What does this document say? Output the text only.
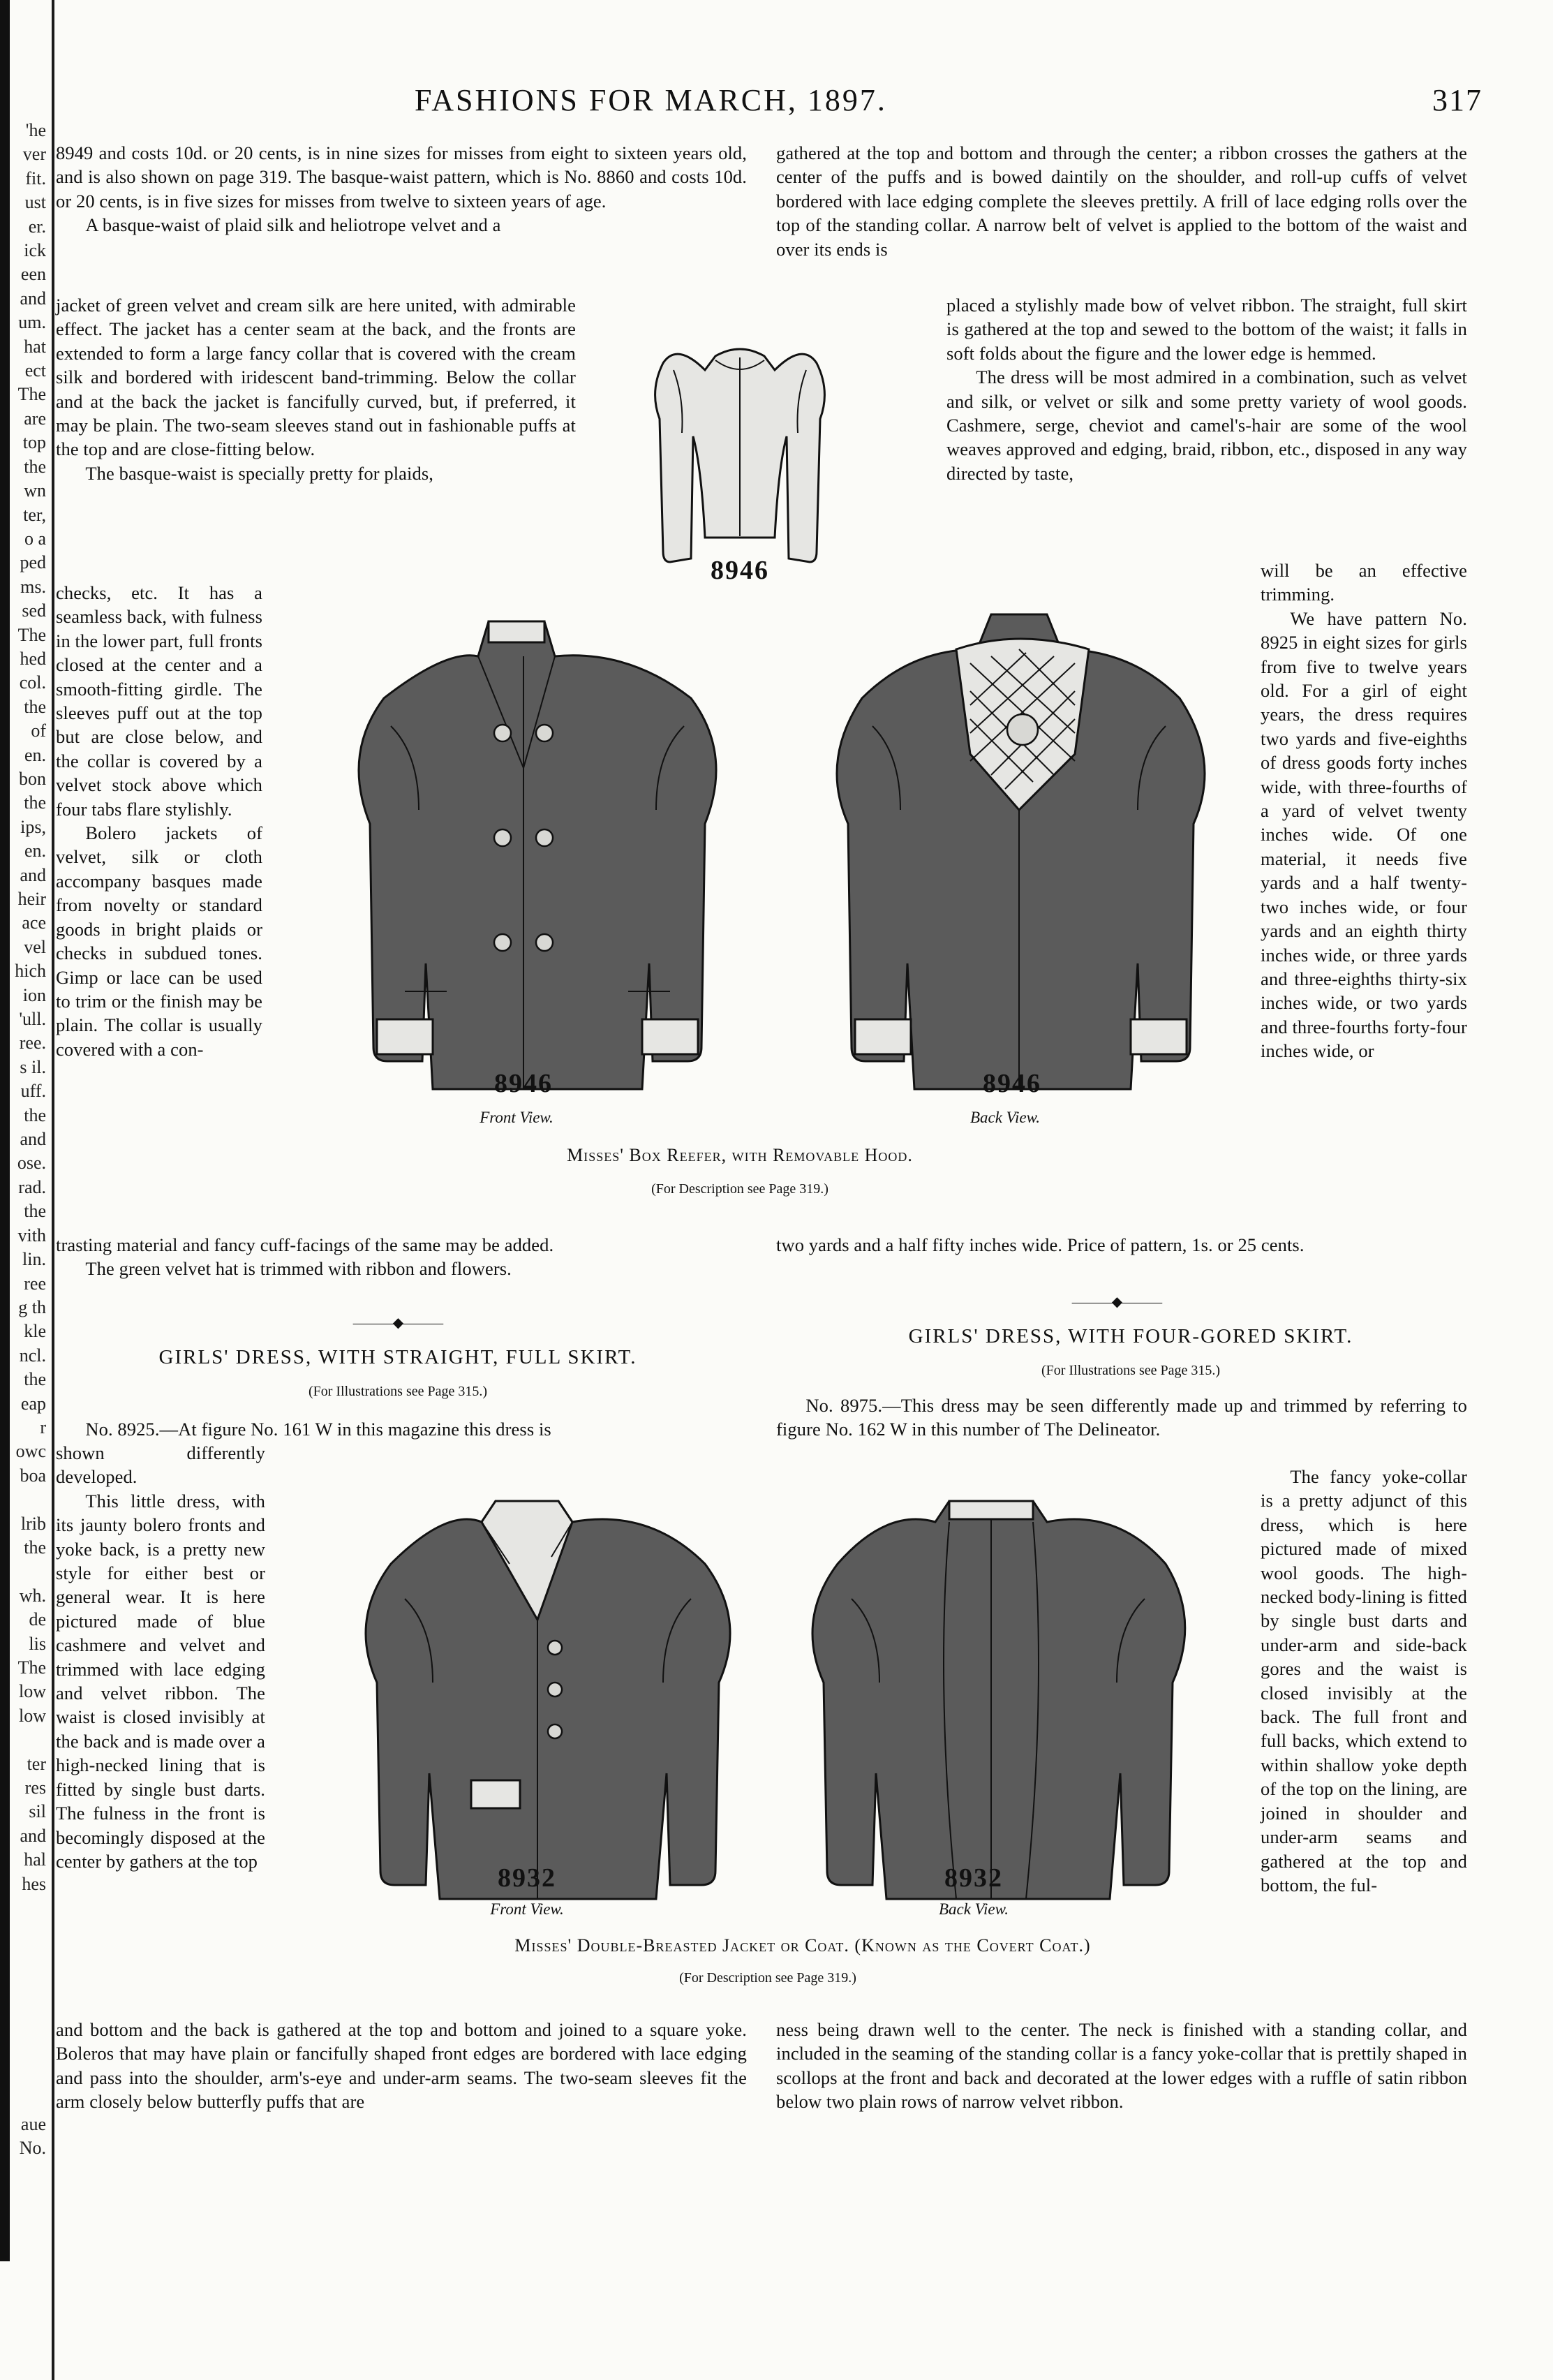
'he
ver
fit.
ust
er.
ick
een
and
um.
hat
ect
The
are
top
the
wn
ter,
o a
ped
ms.
sed
The
hed
col.
the
of
en.
bon
the
ips,
en.
and
heir
ace
vel
hich
ion
'ull.
ree.
s il.
uff.
the
and
ose.
rad.
the
vith
lin.
ree
g th
kle
ncl.
the
eap
r
owc
boa

lrib
the

wh.
de
lis
The
low
low

ter
res
sil
and
hal
hes

aue
No.
FASHIONS FOR MARCH, 1897.	317

8949 and costs 10d. or 20 cents, is in nine sizes for misses from eight to sixteen years old, and is also shown on page 319. The basque-waist pattern, which is No. 8860 and costs 10d. or 20 cents, is in five sizes for misses from twelve to sixteen years of age.

A basque-waist of plaid silk and heliotrope velvet and a

jacket of green velvet and cream silk are here united, with admirable effect. The jacket has a center seam at the back, and the fronts are extended to form a large fancy collar that is covered with the cream silk and bordered with iridescent band-trimming. Below the collar and at the back the jacket is fancifully curved, but, if preferred, it may be plain. The two-seam sleeves stand out in fashionable puffs at the top and are close-fitting below.

The basque-waist is specially pretty for plaids,

checks, etc. It has a seamless back, with fulness in the lower part, full fronts closed at the center and a smooth-fitting girdle. The sleeves puff out at the top but are close below, and the collar is covered by a velvet stock above which four tabs flare stylishly.

Bolero jackets of velvet, silk or cloth accompany basques made from novelty or standard goods in bright plaids or checks in subdued tones. Gimp or lace can be used to trim or the finish may be plain. The collar is usually covered with a con-

trasting material and fancy cuff-facings of the same may be added.

The green velvet hat is trimmed with ribbon and flowers.

gathered at the top and bottom and through the center; a ribbon crosses the gathers at the center of the puffs and is bowed daintily on the shoulder, and roll-up cuffs of velvet bordered with lace edging complete the sleeves prettily. A frill of lace edging rolls over the top of the standing collar. A narrow belt of velvet is applied to the bottom of the waist and over its ends is

placed a stylishly made bow of velvet ribbon. The straight, full skirt is gathered at the top and sewed to the bottom of the waist; it falls in soft folds about the figure and the lower edge is hemmed.

The dress will be most admired in a combination, such as velvet and silk, or velvet or silk and some pretty variety of wool goods. Cashmere, serge, cheviot and camel's-hair are some of the wool weaves approved and edging, braid, ribbon, etc., disposed in any way directed by taste,

will be an effective trimming.

We have pattern No. 8925 in eight sizes for girls from five to twelve years old. For a girl of eight years, the dress requires two yards and five-eighths of dress goods forty inches wide, with three-fourths of a yard of velvet twenty inches wide. Of one material, it needs five yards and a half twenty-two inches wide, or four yards and an eighth thirty inches wide, or three yards and three-eighths thirty-six inches wide, or two yards and three-fourths forty-four inches wide, or

two yards and a half fifty inches wide. Price of pattern, 1s. or 25 cents.

8946
8946
Front View.
8946
Back View.
Misses' Box Reefer, with Removable Hood.
(For Description see Page 319.)
———◆———
———◆———
GIRLS' DRESS, WITH STRAIGHT, FULL SKIRT.
(For Illustrations see Page 315.)

No. 8925.—At figure No. 161 W in this magazine this dress is

shown differently developed.

This little dress, with its jaunty bolero fronts and yoke back, is a pretty new style for either best or general wear. It is here pictured made of blue cashmere and velvet and trimmed with lace edging and velvet ribbon. The waist is closed invisibly at the back and is made over a high-necked lining that is fitted by single bust darts. The fulness in the front is becomingly disposed at the center by gathers at the top

and bottom and the back is gathered at the top and bottom and joined to a square yoke. Boleros that may have plain or fancifully shaped front edges are bordered with lace edging and pass into the shoulder, arm's-eye and under-arm seams. The two-seam sleeves fit the arm closely below butterfly puffs that are

GIRLS' DRESS, WITH FOUR-GORED SKIRT.
(For Illustrations see Page 315.)

No. 8975.—This dress may be seen differently made up and trimmed by referring to figure No. 162 W in this number of The Delineator.

The fancy yoke-collar is a pretty adjunct of this dress, which is here pictured made of mixed wool goods. The high-necked body-lining is fitted by single bust darts and under-arm and side-back gores and the waist is closed invisibly at the back. The full front and full backs, which extend to within shallow yoke depth of the top on the lining, are joined in shoulder and under-arm seams and gathered at the top and bottom, the ful-

ness being drawn well to the center. The neck is finished with a standing collar, and included in the seaming of the standing collar is a fancy yoke-collar that is prettily shaped in scollops at the front and back and decorated at the lower edges with a ruffle of satin ribbon below two plain rows of narrow velvet ribbon.

8932
Front View.
8932
Back View.
Misses' Double-Breasted Jacket or Coat. (Known as the Covert Coat.)
(For Description see Page 319.)
